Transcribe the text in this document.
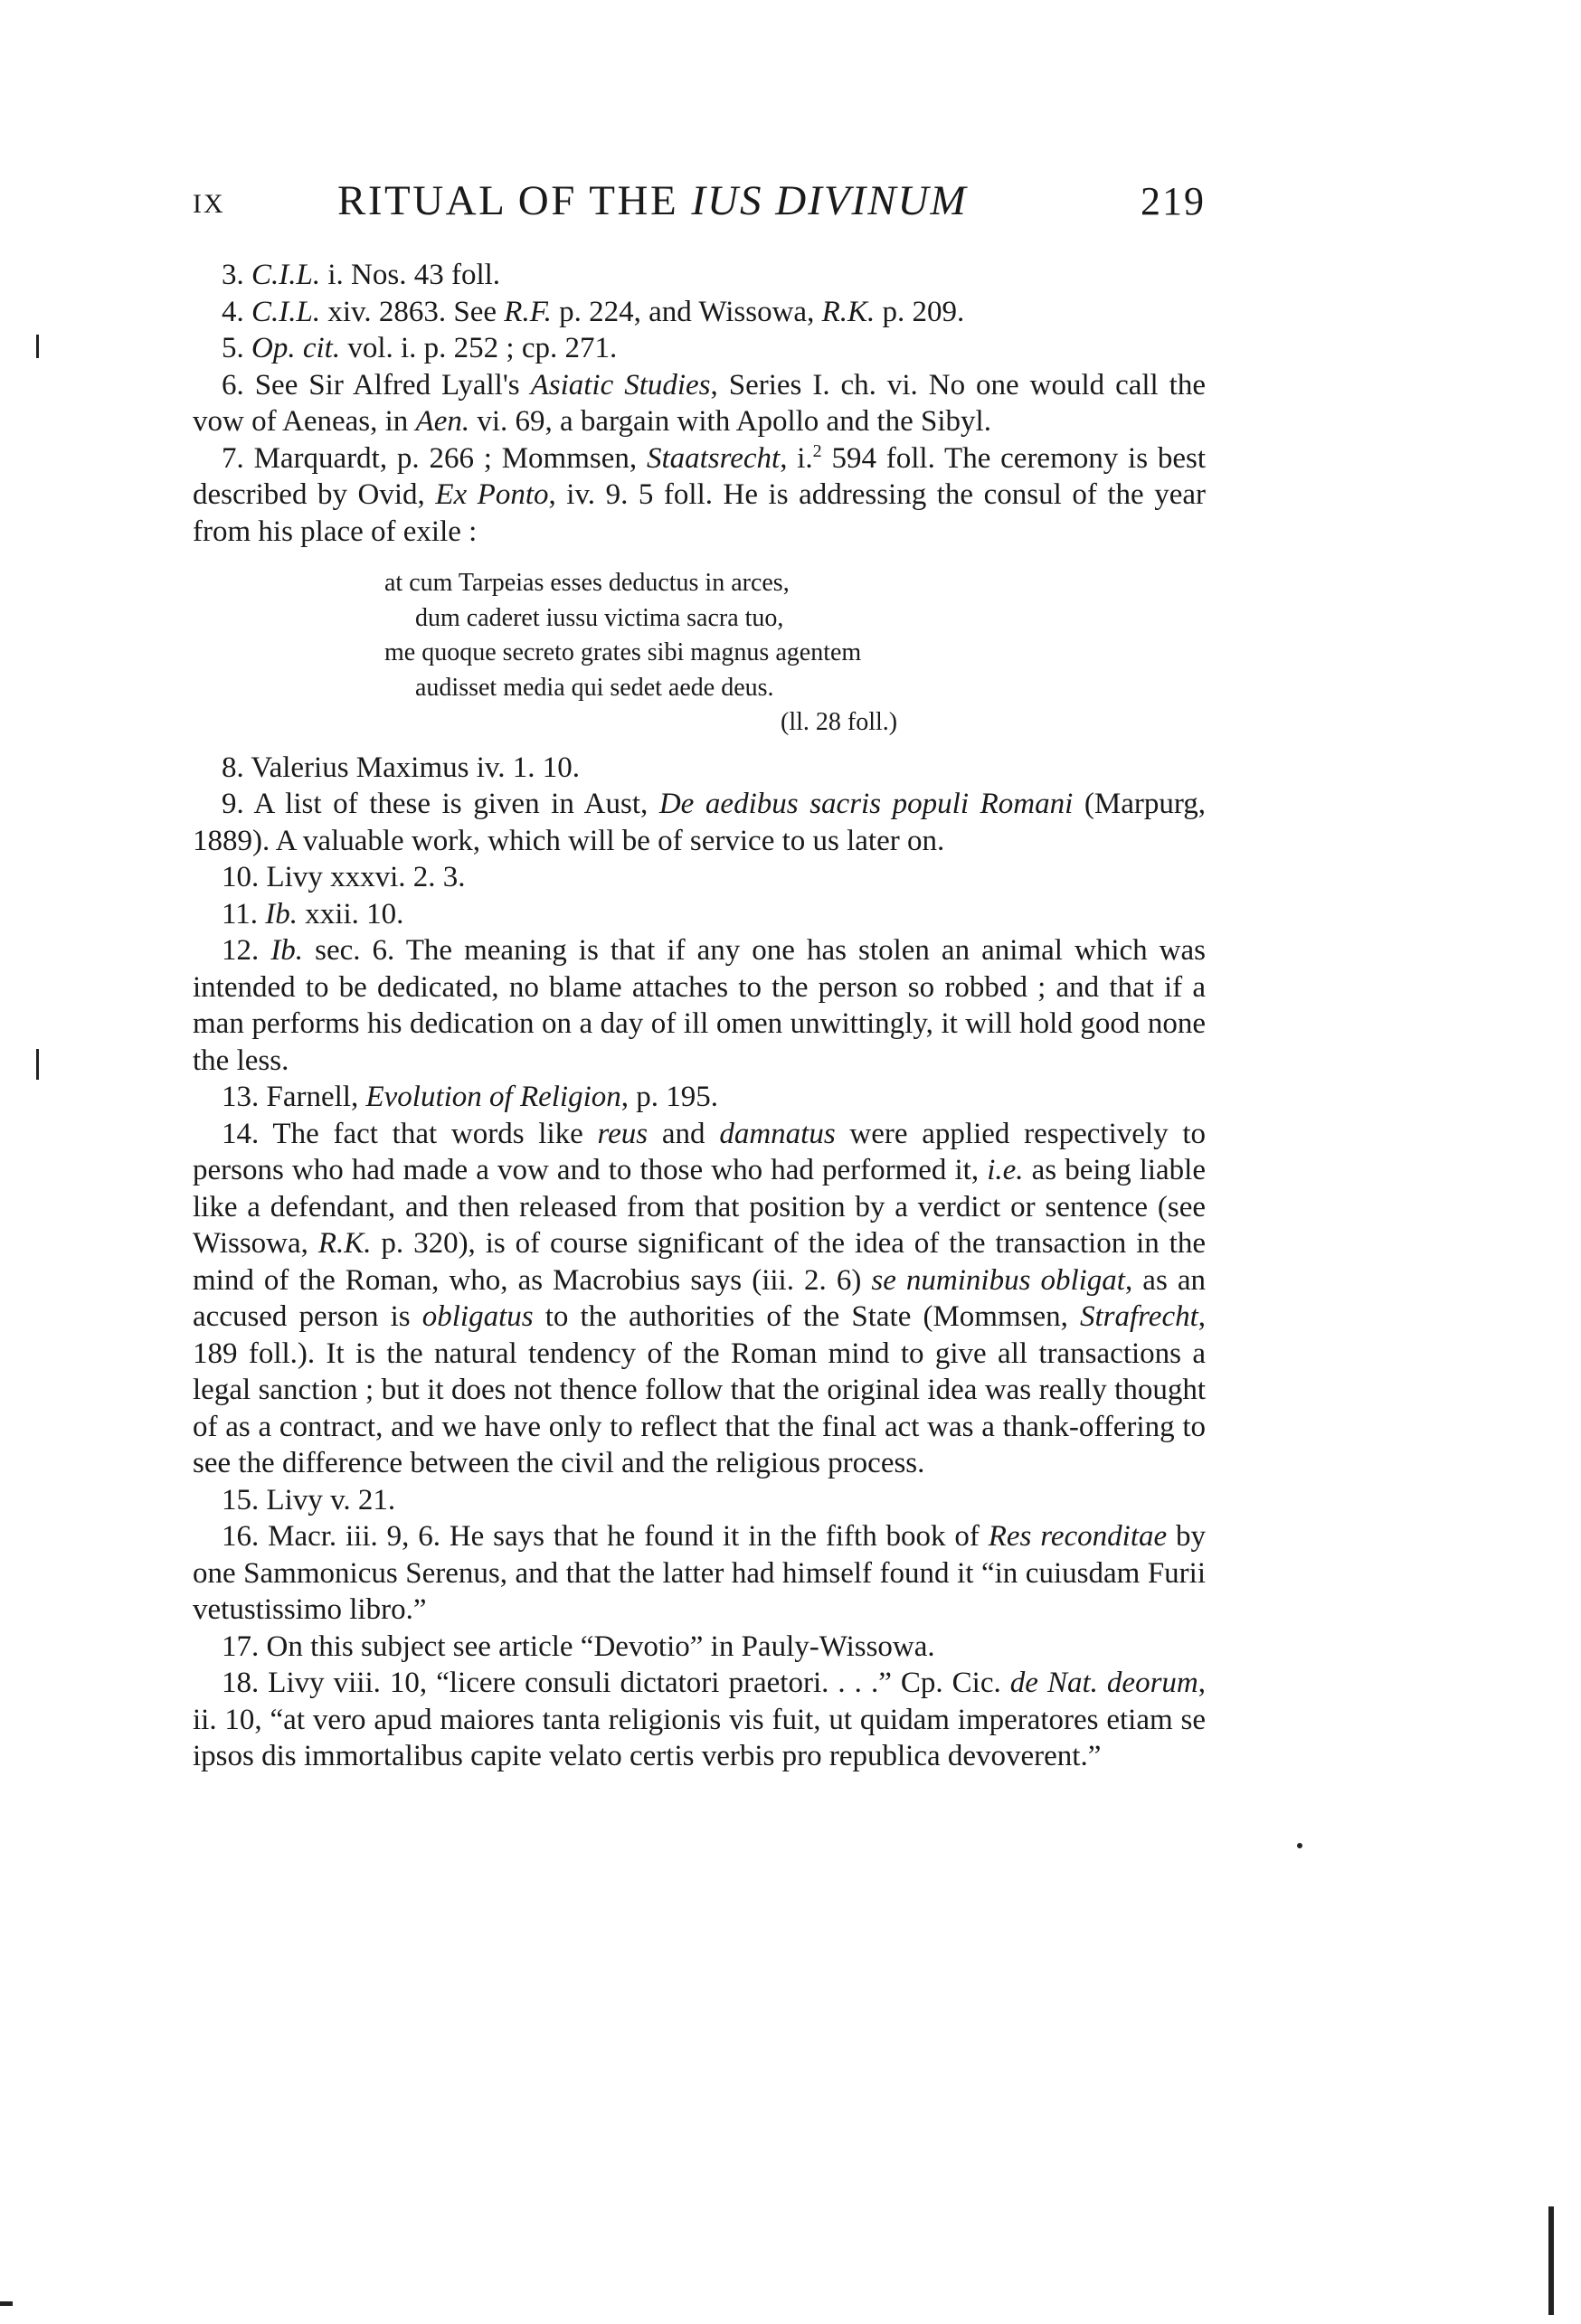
IX	RITUAL OF THE IUS DIVINUM	219

3. C.I.L. i. Nos. 43 foll.

4. C.I.L. xiv. 2863. See R.F. p. 224, and Wissowa, R.K. p. 209.

5. Op. cit. vol. i. p. 252 ; cp. 271.

6. See Sir Alfred Lyall's Asiatic Studies, Series I. ch. vi. No one would call the vow of Aeneas, in Aen. vi. 69, a bargain with Apollo and the Sibyl.

7. Marquardt, p. 266 ; Mommsen, Staatsrecht, i.$^2$ 594 foll. The ceremony is best described by Ovid, Ex Ponto, iv. 9. 5 foll. He is addressing the consul of the year from his place of exile :

at cum Tarpeias esses deductus in arces,
dum caderet iussu victima sacra tuo,
me quoque secreto grates sibi magnus agentem
audisset media qui sedet aede deus.
(ll. 28 foll.)

8. Valerius Maximus iv. 1. 10.

9. A list of these is given in Aust, De aedibus sacris populi Romani (Marpurg, 1889). A valuable work, which will be of service to us later on.

10. Livy xxxvi. 2. 3.

11. Ib. xxii. 10.

12. Ib. sec. 6. The meaning is that if any one has stolen an animal which was intended to be dedicated, no blame attaches to the person so robbed ; and that if a man performs his dedication on a day of ill omen unwittingly, it will hold good none the less.

13. Farnell, Evolution of Religion, p. 195.

14. The fact that words like reus and damnatus were applied respectively to persons who had made a vow and to those who had performed it, i.e. as being liable like a defendant, and then released from that position by a verdict or sentence (see Wissowa, R.K. p. 320), is of course significant of the idea of the transaction in the mind of the Roman, who, as Macrobius says (iii. 2. 6) se numinibus obligat, as an accused person is obligatus to the authorities of the State (Mommsen, Strafrecht, 189 foll.). It is the natural tendency of the Roman mind to give all transactions a legal sanction ; but it does not thence follow that the original idea was really thought of as a contract, and we have only to reflect that the final act was a thank-offering to see the difference between the civil and the religious process.

15. Livy v. 21.

16. Macr. iii. 9, 6. He says that he found it in the fifth book of Res reconditae by one Sammonicus Serenus, and that the latter had himself found it “in cuiusdam Furii vetustissimo libro.”

17. On this subject see article “Devotio” in Pauly-Wissowa.

18. Livy viii. 10, “licere consuli dictatori praetori. . . .” Cp. Cic. de Nat. deorum, ii. 10, “at vero apud maiores tanta religionis vis fuit, ut quidam imperatores etiam se ipsos dis immortalibus capite velato certis verbis pro republica devoverent.”
